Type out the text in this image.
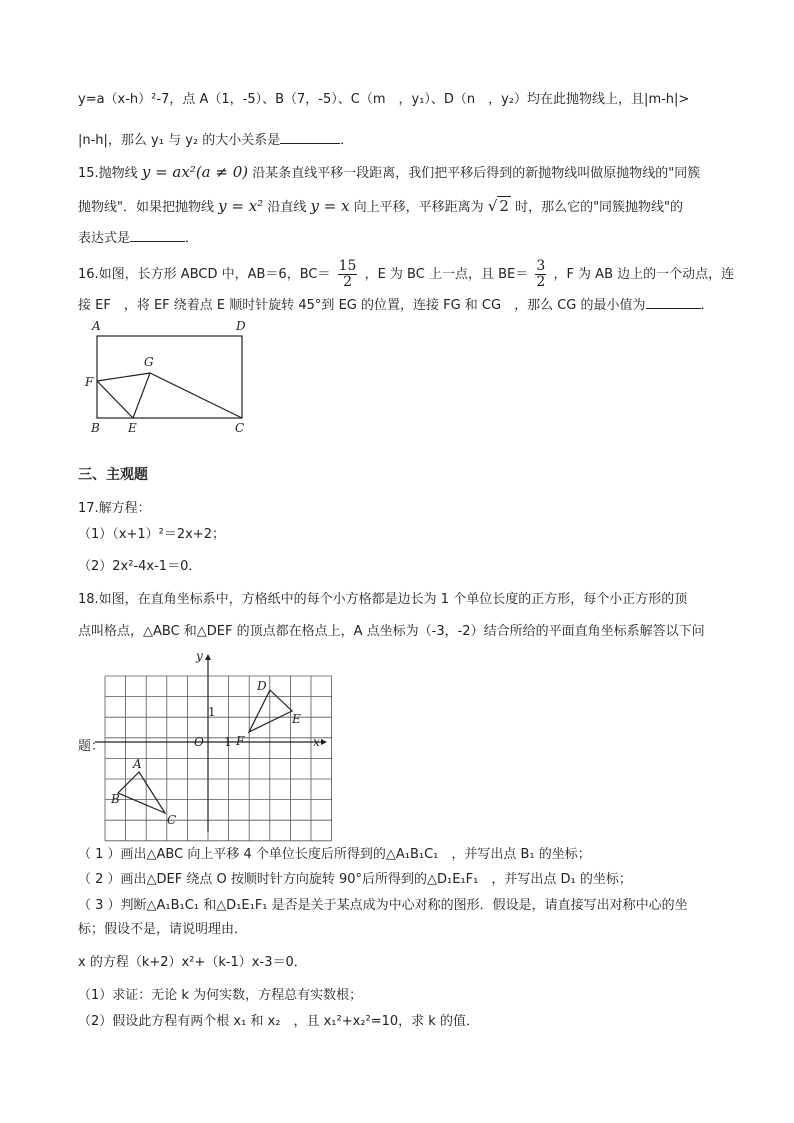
y=a（x-h）²-7，点 A（1，-5）、B（7，-5）、C（m　，y₁）、D（n　，y₂）均在此抛物线上，且|m-h|>
|n-h|，那么 y₁ 与 y₂ 的大小关系是	．
15.抛物线 y = ax²(a ≠ 0) 沿某条直线平移一段距离，我们把平移后得到的新抛物线叫做原抛物线的"同簇
抛物线"．如果把抛物线 y = x² 沿直线 y = x 向上平移，平移距离为 √ 2 时，那么它的"同簇抛物线"的
表达式是	．
16.如图，长方形 ABCD 中，AB＝6，$BC= \frac{15}{2}$ ，E 为 BC 上一点，且 $BE= \frac{3}{2}$ ，F 为 AB 边上的一个动点，连
接 EF　，将 EF 绕着点 E 顺时针旋转 45°到 EG 的位置，连接 FG 和 CG　，那么 CG 的最小值为	．
A	D
G
F
B E	C
三、主观题
17.解方程：
（1）（x+1）²＝2x+2；
（2）2x²-4x-1＝0．
18.如图，在直角坐标系中，方格纸中的每个小方格都是边长为 1 个单位长度的正方形，每个小正方形的顶
点叫格点，△ABC 和△DEF 的顶点都在格点上，A 点坐标为（-3，-2）结合所给的平面直角坐标系解答以下问
题：
y
x
O
1
1
A
B
C
D
E
F
（ 1 ）画出△ABC 向上平移 4 个单位长度后所得到的△A₁B₁C₁　，并写出点 B₁ 的坐标；
（ 2 ）画出△DEF 绕点 O 按顺时针方向旋转 90°后所得到的△D₁E₁F₁　，并写出点 D₁ 的坐标；
（ 3 ）判断△A₁B₁C₁ 和△D₁E₁F₁ 是否是关于某点成为中心对称的图形．假设是，请直接写出对称中心的坐
标；假设不是，请说明理由．
x 的方程（k+2）x²+（k-1）x-3＝0．
（1）求证：无论 k 为何实数，方程总有实数根；
（2）假设此方程有两个根 x₁ 和 x₂　，且 x₁²+x₂²=10，求 k 的值．
